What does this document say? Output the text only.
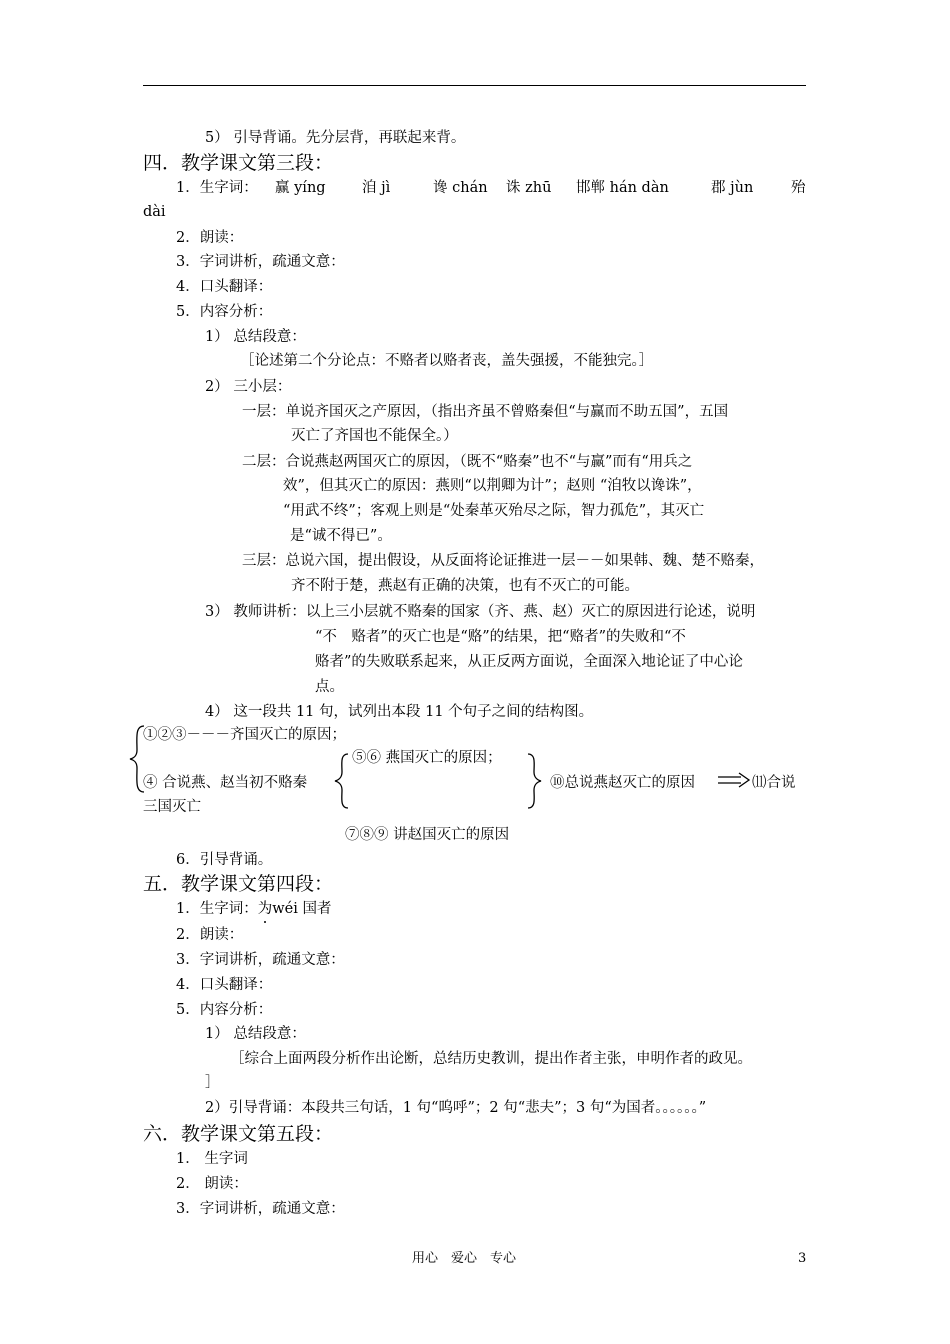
5） 引导背诵。先分层背，再联起来背。
四．教学课文第三段：
1．生字词： 赢 yíng	洎 jì	谗 chán 诛 zhū 邯郸 hán dàn	郡 jùn	殆
dài
2．朗读：
3．字词讲析，疏通文意：
4．口头翻译：
5．内容分析：
1） 总结段意：
［论述第二个分论点：不赂者以赂者丧，盖失强援，不能独完。］
2） 三小层：
一层：单说齐国灭之产原因，（指出齐虽不曾赂秦但“与赢而不助五国”，五国
灭亡了齐国也不能保全。）
二层：合说燕赵两国灭亡的原因，（既不“赂秦”也不“与赢”而有“用兵之
效”，但其灭亡的原因：燕则“以荆卿为计”；赵则 “洎牧以谗诛”，
“用武不终”；客观上则是“处秦革灭殆尽之际，智力孤危”，其灭亡
是“诚不得已”。
三层：总说六国，提出假设，从反面将论证推进一层－－如果韩、魏、楚不赂秦，
齐不附于楚，燕赵有正确的决策，也有不灭亡的可能。
3） 教师讲析：以上三小层就不赂秦的国家（齐、燕、赵）灭亡的原因进行论述，说明
“不　赂者”的灭亡也是“赂”的结果，把“赂者”的失败和“不
赂者”的失败联系起来，从正反两方面说，全面深入地论证了中心论
点。
4） 这一段共 11 句，试列出本段 11 个句子之间的结构图。
①②③－－－齐国灭亡的原因；
⑤⑥ 燕国灭亡的原因；
④ 合说燕、赵当初不赂秦	⑩总说燕赵灭亡的原因	⑾合说
三国灭亡
⑦⑧⑨ 讲赵国灭亡的原因
6．引导背诵。
五．教学课文第四段：
1．生字词：为wéi 国者
2．朗读：
3．字词讲析，疏通文意：
4．口头翻译：
5．内容分析：
1） 总结段意：
［综合上面两段分析作出论断，总结历史教训，提出作者主张，申明作者的政见。
］
2）引导背诵：本段共三句话，1 句“呜呼”；2 句“悲夫”；3 句“为国者。。。。。。”
六．教学课文第五段：
1． 生字词
2． 朗读：
3．字词讲析，疏通文意：
用心　爱心　专心	3
